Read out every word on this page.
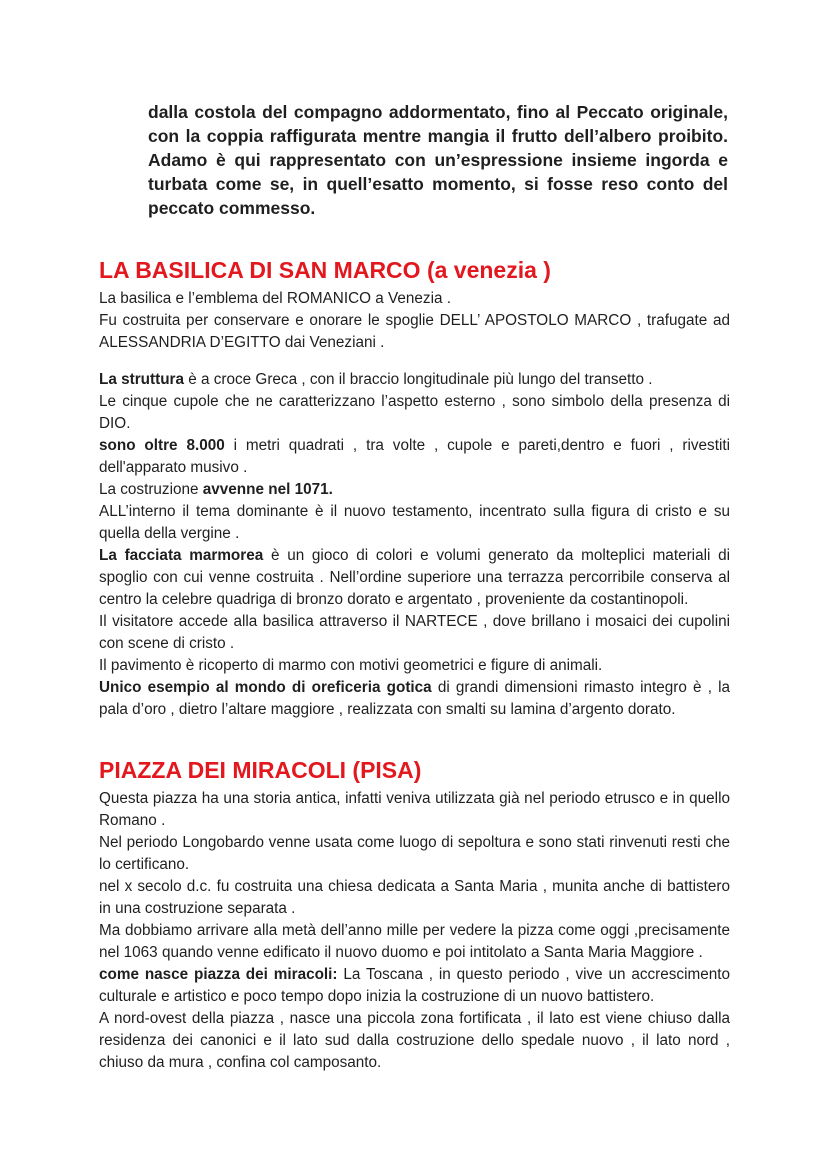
dalla costola del compagno addormentato, fino al Peccato originale, con la coppia raffigurata mentre mangia il frutto dell’albero proibito. Adamo è qui rappresentato con un’espressione insieme ingorda e turbata come se, in quell’esatto momento, si fosse reso conto del peccato commesso.

LA BASILICA DI SAN MARCO (a venezia )

La basilica e l’emblema del ROMANICO a Venezia .

Fu costruita per conservare e onorare le spoglie DELL’ APOSTOLO MARCO , trafugate ad ALESSANDRIA D’EGITTO dai Veneziani .

La struttura è a croce Greca , con il braccio longitudinale più lungo del transetto .

Le cinque cupole che ne caratterizzano l’aspetto esterno , sono simbolo della presenza di DIO.

sono oltre 8.000 i metri quadrati , tra volte , cupole e pareti,dentro e fuori , rivestiti dell'apparato musivo .

La costruzione avvenne nel 1071.

ALL’interno il tema dominante è il nuovo testamento, incentrato sulla figura di cristo e su quella della vergine .

La facciata marmorea è un gioco di colori e volumi generato da molteplici materiali di spoglio con cui venne costruita . Nell’ordine superiore una terrazza percorribile conserva al centro la celebre quadriga di bronzo dorato e argentato , proveniente da costantinopoli.

Il visitatore accede alla basilica attraverso il NARTECE , dove brillano i mosaici dei cupolini con scene di cristo .

Il pavimento è ricoperto di marmo con motivi geometrici e figure di animali.

Unico esempio al mondo di oreficeria gotica di grandi dimensioni rimasto integro è , la pala d’oro , dietro l’altare maggiore , realizzata con smalti su lamina d’argento dorato.

PIAZZA DEI MIRACOLI (PISA)

Questa piazza ha una storia antica, infatti veniva utilizzata già nel periodo etrusco e in quello Romano .

Nel periodo Longobardo venne usata come luogo di sepoltura e sono stati rinvenuti resti che lo certificano.

nel x secolo d.c. fu costruita una chiesa dedicata a Santa Maria , munita anche di battistero in una costruzione separata .

Ma dobbiamo arrivare alla metà dell’anno mille per vedere la pizza come oggi ,precisamente nel 1063 quando venne edificato il nuovo duomo e poi intitolato a Santa Maria Maggiore .

come nasce piazza dei miracoli: La Toscana , in questo periodo , vive un accrescimento culturale e artistico e poco tempo dopo inizia la costruzione di un nuovo battistero.

A nord-ovest della piazza , nasce una piccola zona fortificata , il lato est viene chiuso dalla residenza dei canonici e il lato sud dalla costruzione dello spedale nuovo , il lato nord , chiuso da mura , confina col camposanto.
